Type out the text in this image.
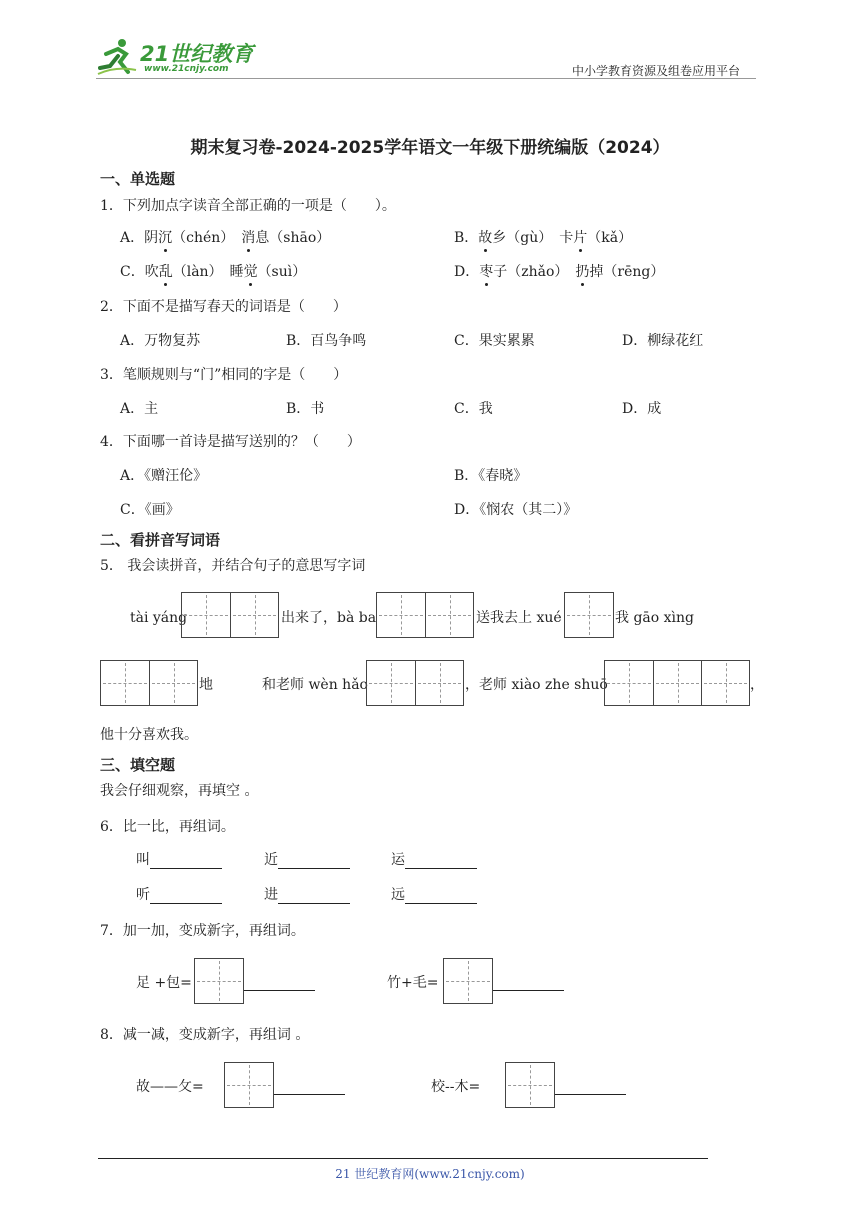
21世纪教育
www.21cnjy.com	中小学教育资源及组卷应用平台
期末复习卷-2024-2025学年语文一年级下册统编版（2024）
一、单选题
1．下列加点字读音全部正确的一项是（　　）。
A．阴沉（chén）　 消息（shāo）	B．故乡（gù）　 卡片（kǎ）
C．吹乱（làn）　 睡觉（suì）	D．枣子（zhǎo）　 扔掉（rēng）
2．下面不是描写春天的词语是（　　）
A．万物复苏	B．百鸟争鸣	C．果实累累	D．柳绿花红
3．笔顺规则与“门”相同的字是（　　）
A．主	B．书	C．我	D．成
4．下面哪一首诗是描写送别的？（　　）
A．《赠汪伦》	B．《春晓》
C．《画》	D．《悯农（其二）》
二、看拼音写词语
5． 我会读拼音，并结合句子的意思写字词
tài yáng	出来了，bà ba	送我去上 xué	我 gāo xìng
地	和老师 wèn hǎo	，老师 xiào zhe shuō	，
他十分喜欢我。
三、填空题
我会仔细观察，再填空 。
6．比一比，再组词。
叫	近	运
听	进	远
7．加一加，变成新字，再组词。
足 +包=	竹+毛=
8．减一减，变成新字，再组词 。
故——攵=	校--木=
21 世纪教育网(www.21cnjy.com)
